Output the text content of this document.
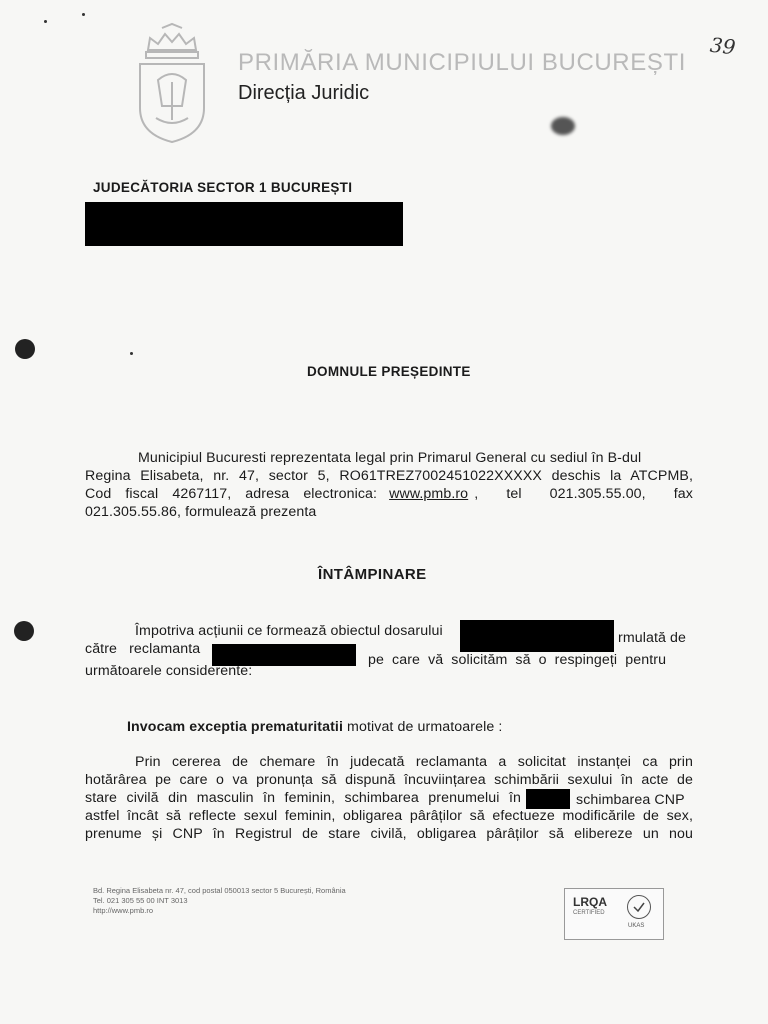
PRIMĂRIA MUNICIPIULUI BUCUREȘTI
Direcția Juridic
39
JUDECĂTORIA SECTOR 1 BUCUREȘTI
DOMNULE PREȘEDINTE
Municipiul Bucuresti reprezentata legal prin Primarul General cu sediul în B-dul
Regina Elisabeta, nr. 47, sector 5, RO61TREZ7002451022XXXXX deschis la ATCPMB,
Cod fiscal 4267117, adresa electronica: www.pmb.ro , tel 021.305.55.00, fax
021.305.55.86, formulează prezenta
ÎNTÂMPINARE
Împotriva acțiunii ce formează obiectul dosarului	rmulată de
către reclamanta
pe care vă solicităm să o respingeți pentru
următoarele considerente:
Invocam exceptia prematuritatii motivat de urmatoarele :
Prin cererea de chemare în judecată reclamanta a solicitat instanței ca prin
hotărârea pe care o va pronunța să dispună încuviințarea schimbării sexului în acte de
stare civilă din masculin în feminin, schimbarea prenumelui în	schimbarea CNP
astfel încât să reflecte sexul feminin, obligarea pârâților să efectueze modificările de sex,
prenume și CNP în Registrul de stare civilă, obligarea pârâților să elibereze un nou
Bd. Regina Elisabeta nr. 47, cod postal 050013 sector 5 București, România
Tel. 021 305 55 00 INT 3013
http://www.pmb.ro
LRQA
CERTIFIED
UKAS
